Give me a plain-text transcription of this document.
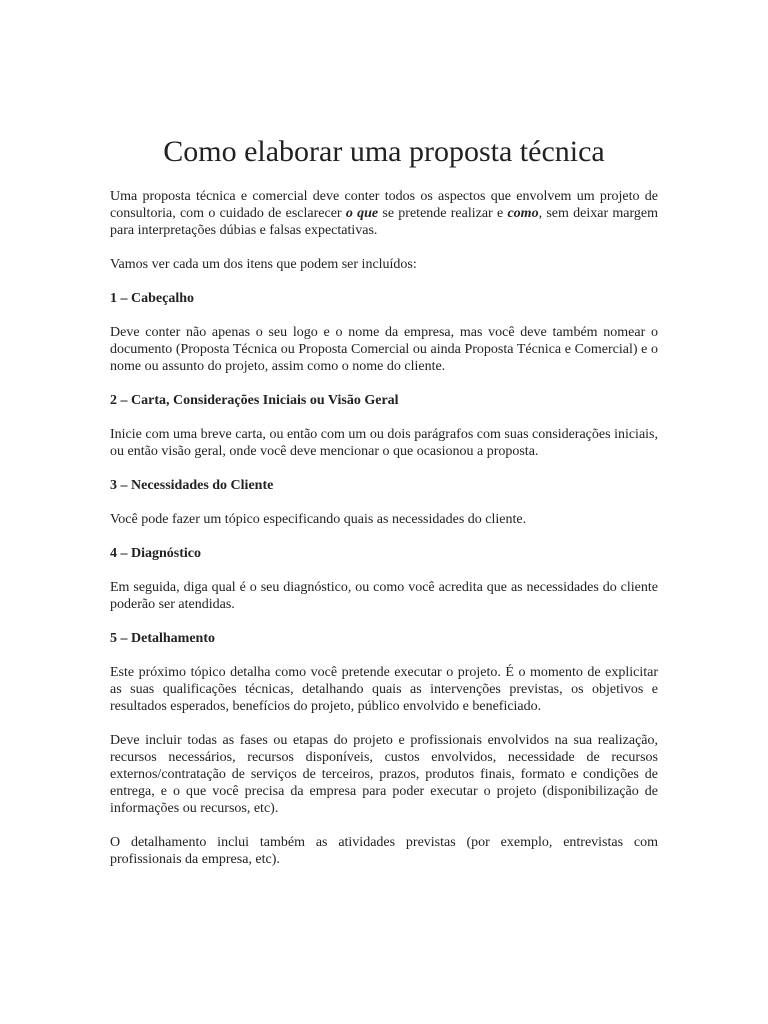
Como elaborar uma proposta técnica

Uma proposta técnica e comercial deve conter todos os aspectos que envolvem um projeto de consultoria, com o cuidado de esclarecer o que se pretende realizar e como, sem deixar margem para interpretações dúbias e falsas expectativas.

Vamos ver cada um dos itens que podem ser incluídos:

1 – Cabeçalho

Deve conter não apenas o seu logo e o nome da empresa, mas você deve também nomear o documento (Proposta Técnica ou Proposta Comercial ou ainda Proposta Técnica e Comercial) e o nome ou assunto do projeto, assim como o nome do cliente.

2 – Carta, Considerações Iniciais ou Visão Geral

Inicie com uma breve carta, ou então com um ou dois parágrafos com suas considerações iniciais, ou então visão geral, onde você deve mencionar o que ocasionou a proposta.

3 – Necessidades do Cliente

Você pode fazer um tópico especificando quais as necessidades do cliente.

4 – Diagnóstico

Em seguida, diga qual é o seu diagnóstico, ou como você acredita que as necessidades do cliente poderão ser atendidas.

5 – Detalhamento

Este próximo tópico detalha como você pretende executar o projeto. É o momento de explicitar as suas qualificações técnicas, detalhando quais as intervenções previstas, os objetivos e resultados esperados, benefícios do projeto, público envolvido e beneficiado.

Deve incluir todas as fases ou etapas do projeto e profissionais envolvidos na sua realização, recursos necessários, recursos disponíveis, custos envolvidos, necessidade de recursos externos/contratação de serviços de terceiros, prazos, produtos finais, formato e condições de entrega, e o que você precisa da empresa para poder executar o projeto (disponibilização de informações ou recursos, etc).

O detalhamento inclui também as atividades previstas (por exemplo, entrevistas com profissionais da empresa, etc).
